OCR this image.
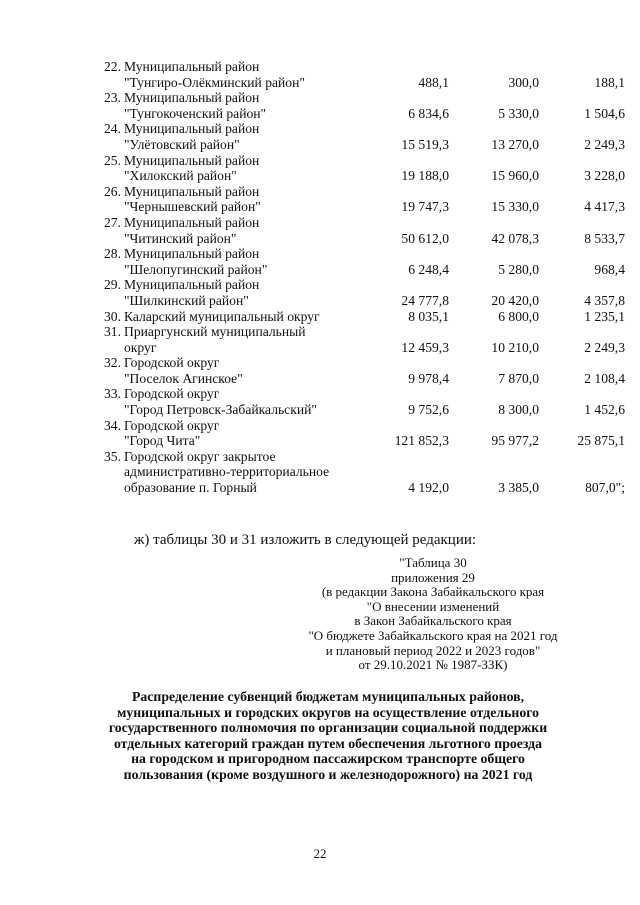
22.	Муниципальный район
"Тунгиро-Олёкминский район"	488,1	300,0	188,1
23.	Муниципальный район
"Тунгокоченский район"	6 834,6	5 330,0	1 504,6
24.	Муниципальный район
"Улётовский район"	15 519,3	13 270,0	2 249,3
25.	Муниципальный район
"Хилокский район"	19 188,0	15 960,0	3 228,0
26.	Муниципальный район
"Чернышевский район"	19 747,3	15 330,0	4 417,3
27.	Муниципальный район
"Читинский район"	50 612,0	42 078,3	8 533,7
28.	Муниципальный район
"Шелопугинский район"	6 248,4	5 280,0	968,4
29.	Муниципальный район
"Шилкинский район"	24 777,8	20 420,0	4 357,8
30.	Каларский муниципальный округ	8 035,1	6 800,0	1 235,1
31.	Приаргунский муниципальный
округ	12 459,3	10 210,0	2 249,3
32.	Городской округ
"Поселок Агинское"	9 978,4	7 870,0	2 108,4
33.	Городской округ
"Город Петровск-Забайкальский"	9 752,6	8 300,0	1 452,6
34.	Городской округ
"Город Чита"	121 852,3	95 977,2	25 875,1
35.	Городской округ закрытое
административно-территориальное
образование п. Горный	4 192,0	3 385,0	807,0";
ж) таблицы 30 и 31 изложить в следующей редакции:
"Таблица 30
приложения 29
(в редакции Закона Забайкальского края
"О внесении изменений
в Закон Забайкальского края
"О бюджете Забайкальского края на 2021 год
и плановый период 2022 и 2023 годов"
от 29.10.2021 № 1987-ЗЗК)
Распределение субвенций бюджетам муниципальных районов,
муниципальных и городских округов на осуществление отдельного
государственного полномочия по организации социальной поддержки
отдельных категорий граждан путем обеспечения льготного проезда
на городском и пригородном пассажирском транспорте общего
пользования (кроме воздушного и железнодорожного) на 2021 год
22
